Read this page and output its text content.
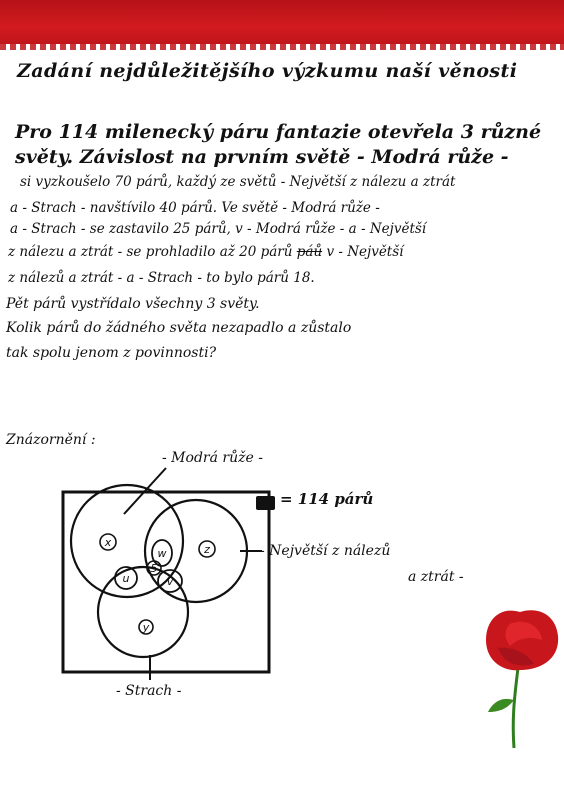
Zadání nejdůležitějšího výzkumu naší věnosti
Pro 114 milenecký páru fantazie otevřela 3 různé
světy. Závislost na prvním světě - Modrá růže -
si vyzkoušelo 70 párů, každý ze světů - Největší z nálezu a ztrát
a - Strach - navštívilo 40 párů. Ve světě - Modrá růže -
a - Strach - se zastavilo 25 párů, v - Modrá růže - a - Největší
z nálezu a ztrát - se prohladilo až 20 párů páů v - Největší
z nálezů a ztrát - a - Strach - to bylo párů 18.
Pět párů vystřídalo všechny 3 světy.
Kolik párů do žádného světa nezapadlo a zůstalo
tak spolu jenom z povinnosti?
Znázornění :
x
z
y
w
u
5
v
- Modrá růže -
= 114 párů
- Největší z nálezů
a ztrát -
- Strach -
